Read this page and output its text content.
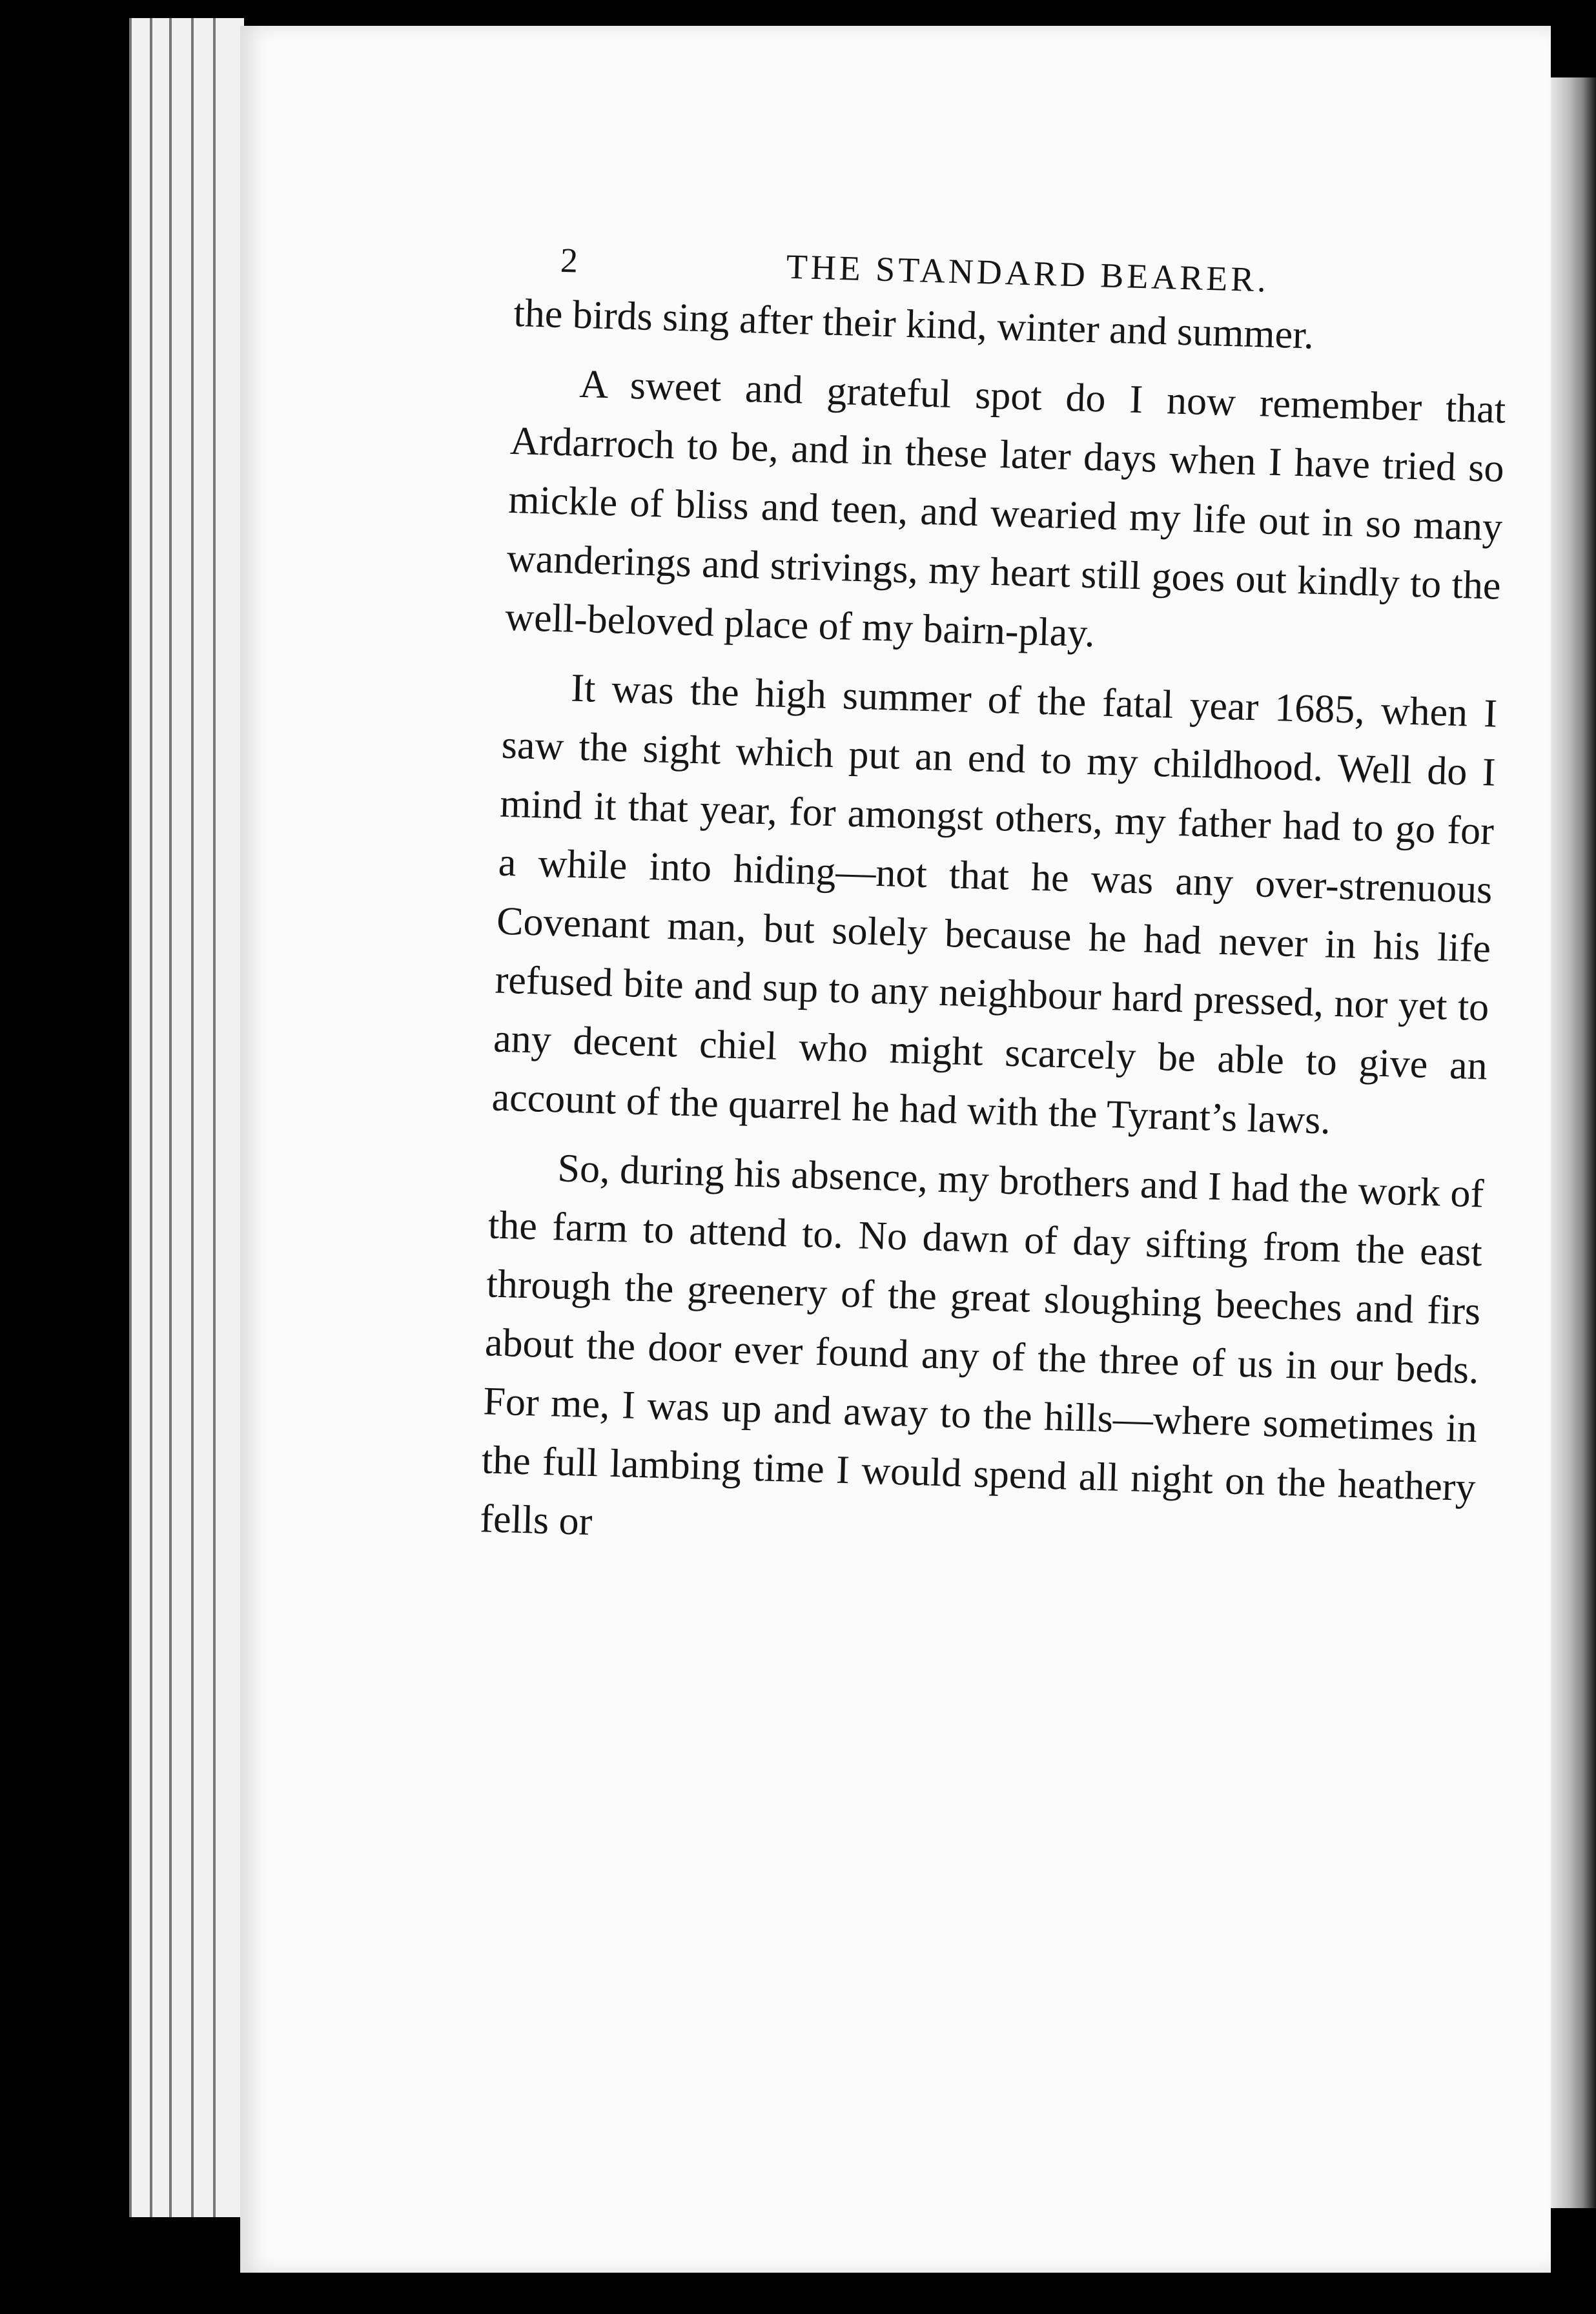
2	THE STANDARD BEARER.

the birds sing after their kind, winter and summer.

A sweet and grateful spot do I now remember that Ardarroch to be, and in these later days when I have tried so mickle of bliss and teen, and wearied my life out in so many wanderings and strivings, my heart still goes out kindly to the well-beloved place of my bairn-play.

It was the high summer of the fatal year 1685, when I saw the sight which put an end to my childhood. Well do I mind it that year, for amongst others, my father had to go for a while into hiding—not that he was any over-strenuous Covenant man, but solely because he had never in his life refused bite and sup to any neighbour hard pressed, nor yet to any decent chiel who might scarcely be able to give an account of the quarrel he had with the Tyrant’s laws.

So, during his absence, my brothers and I had the work of the farm to attend to. No dawn of day sifting from the east through the greenery of the great sloughing beeches and firs about the door ever found any of the three of us in our beds. For me, I was up and away to the hills—where sometimes in the full lambing time I would spend all night on the heathery fells or
